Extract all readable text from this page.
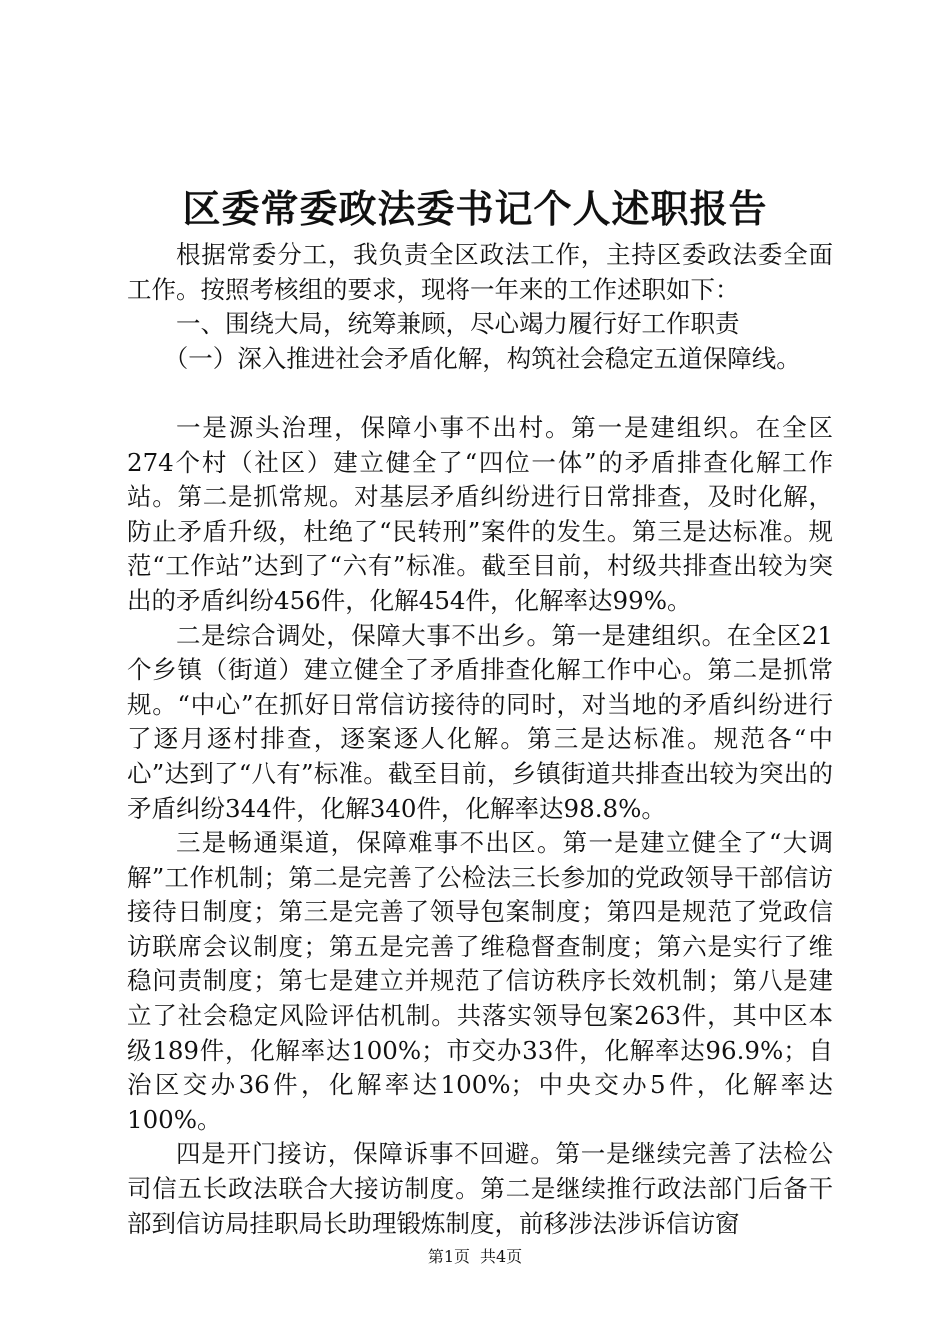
区委常委政法委书记个人述职报告

根据常委分工，我负责全区政法工作，主持区委政法委全面工作。按照考核组的要求，现将一年来的工作述职如下：

一、围绕大局，统筹兼顾，尽心竭力履行好工作职责

（一）深入推进社会矛盾化解，构筑社会稳定五道保障线。

一是源头治理，保障小事不出村。第一是建组织。在全区274个村（社区）建立健全了“四位一体”的矛盾排查化解工作站。第二是抓常规。对基层矛盾纠纷进行日常排查，及时化解，防止矛盾升级，杜绝了“民转刑”案件的发生。第三是达标准。规范“工作站”达到了“六有”标准。截至目前，村级共排查出较为突出的矛盾纠纷456件，化解454件，化解率达99%。

二是综合调处，保障大事不出乡。第一是建组织。在全区21个乡镇（街道）建立健全了矛盾排查化解工作中心。第二是抓常规。“中心”在抓好日常信访接待的同时，对当地的矛盾纠纷进行了逐月逐村排查，逐案逐人化解。第三是达标准。规范各“中心”达到了“八有”标准。截至目前，乡镇街道共排查出较为突出的矛盾纠纷344件，化解340件，化解率达98.8%。

三是畅通渠道，保障难事不出区。第一是建立健全了“大调解”工作机制；第二是完善了公检法三长参加的党政领导干部信访接待日制度；第三是完善了领导包案制度；第四是规范了党政信访联席会议制度；第五是完善了维稳督查制度；第六是实行了维稳问责制度；第七是建立并规范了信访秩序长效机制；第八是建立了社会稳定风险评估机制。共落实领导包案263件，其中区本级189件，化解率达100%；市交办33件，化解率达96.9%；自治区交办36件，化解率达100%；中央交办5件，化解率达100%。

四是开门接访，保障诉事不回避。第一是继续完善了法检公司信五长政法联合大接访制度。第二是继续推行政法部门后备干部到信访局挂职局长助理锻炼制度，前移涉法涉诉信访窗

第1页 共4页
